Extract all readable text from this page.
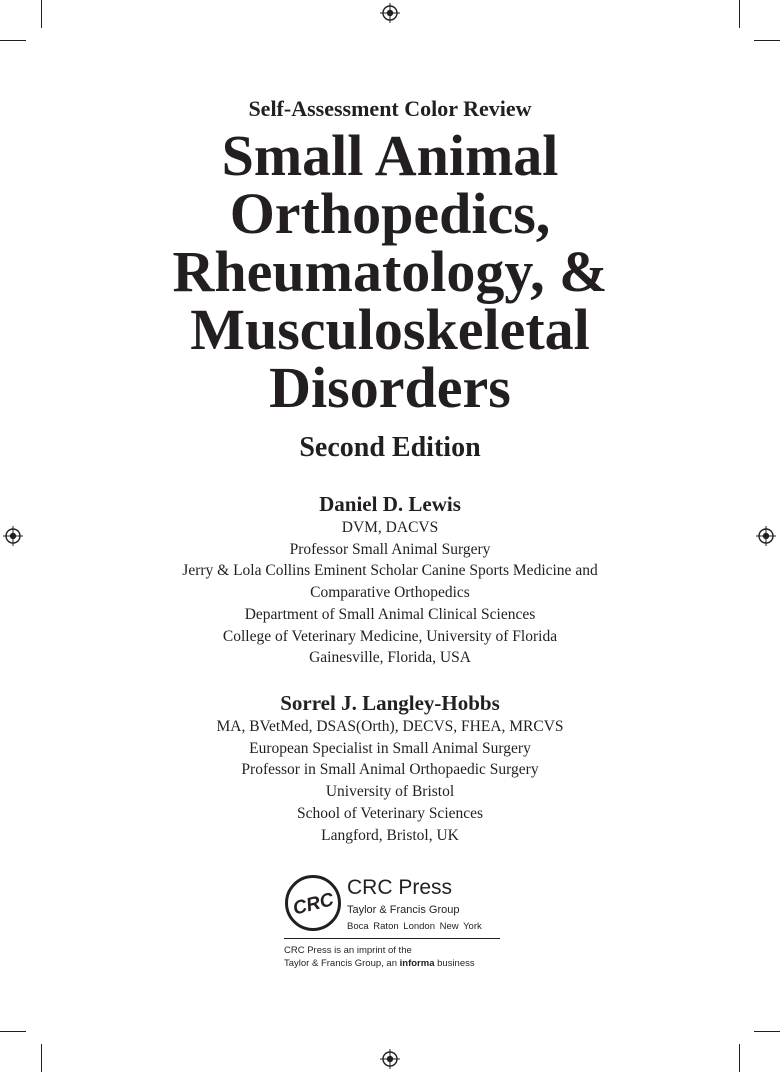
Self-Assessment Color Review
Small Animal
Orthopedics,
Rheumatology, &
Musculoskeletal
Disorders
Second Edition
Daniel D. Lewis
DVM, DACVS
Professor Small Animal Surgery
Jerry & Lola Collins Eminent Scholar Canine Sports Medicine and
Comparative Orthopedics
Department of Small Animal Clinical Sciences
College of Veterinary Medicine, University of Florida
Gainesville, Florida, USA
Sorrel J. Langley-Hobbs
MA, BVetMed, DSAS(Orth), DECVS, FHEA, MRCVS
European Specialist in Small Animal Surgery
Professor in Small Animal Orthopaedic Surgery
University of Bristol
School of Veterinary Sciences
Langford, Bristol, UK
CRC
CRC Press
Taylor & Francis Group
Boca Raton London New York
CRC Press is an imprint of the
Taylor & Francis Group, an informa business
